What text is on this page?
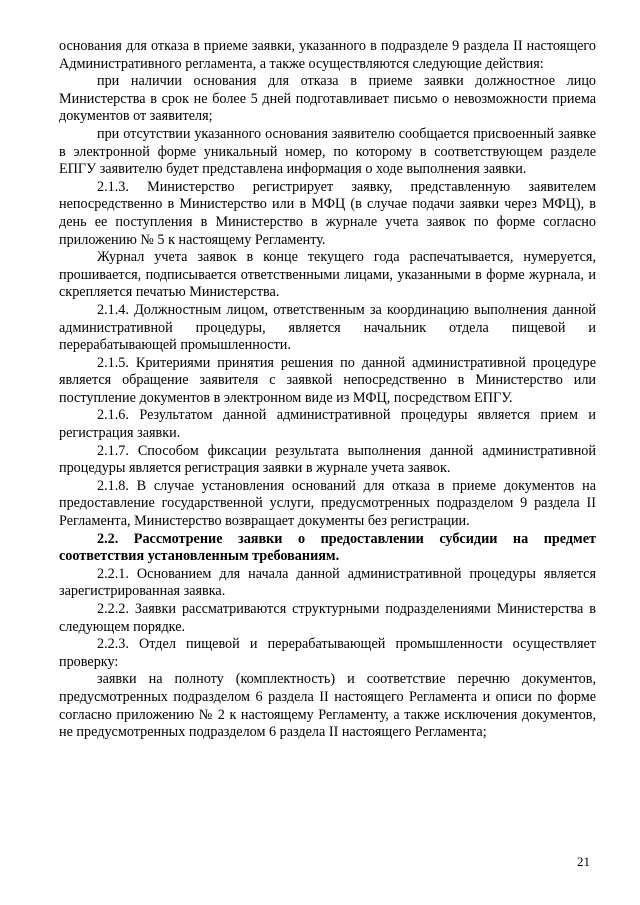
основания для отказа в приеме заявки, указанного в подразделе 9 раздела II настоящего Административного регламента, а также осуществляются следующие действия:

при наличии основания для отказа в приеме заявки должностное лицо Министерства в срок не более 5 дней подготавливает письмо о невозможности приема документов от заявителя;

при отсутствии указанного основания заявителю сообщается присвоенный заявке в электронной форме уникальный номер, по которому в соответствующем разделе ЕПГУ заявителю будет представлена информация о ходе выполнения заявки.

2.1.3. Министерство регистрирует заявку, представленную заявителем непосредственно в Министерство или в МФЦ (в случае подачи заявки через МФЦ), в день ее поступления в Министерство в журнале учета заявок по форме согласно приложению № 5 к настоящему Регламенту.

Журнал учета заявок в конце текущего года распечатывается, нумеруется, прошивается, подписывается ответственными лицами, указанными в форме журнала, и скрепляется печатью Министерства.

2.1.4. Должностным лицом, ответственным за координацию выполнения данной административной процедуры, является начальник отдела пищевой и перерабатывающей промышленности.

2.1.5. Критериями принятия решения по данной административной процедуре является обращение заявителя с заявкой непосредственно в Министерство или поступление документов в электронном виде из МФЦ, посредством ЕПГУ.

2.1.6. Результатом данной административной процедуры является прием и регистрация заявки.

2.1.7. Способом фиксации результата выполнения данной административной процедуры является регистрация заявки в журнале учета заявок.

2.1.8. В случае установления оснований для отказа в приеме документов на предоставление государственной услуги, предусмотренных подразделом 9 раздела II Регламента, Министерство возвращает документы без регистрации.

2.2. Рассмотрение заявки о предоставлении субсидии на предмет соответствия установленным требованиям.

2.2.1. Основанием для начала данной административной процедуры является зарегистрированная заявка.

2.2.2. Заявки рассматриваются структурными подразделениями Министерства в следующем порядке.

2.2.3. Отдел пищевой и перерабатывающей промышленности осуществляет проверку:

заявки на полноту (комплектность) и соответствие перечню документов, предусмотренных подразделом 6 раздела II настоящего Регламента и описи по форме согласно приложению № 2 к настоящему Регламенту, а также исключения документов, не предусмотренных подразделом 6 раздела II настоящего Регламента;

21
